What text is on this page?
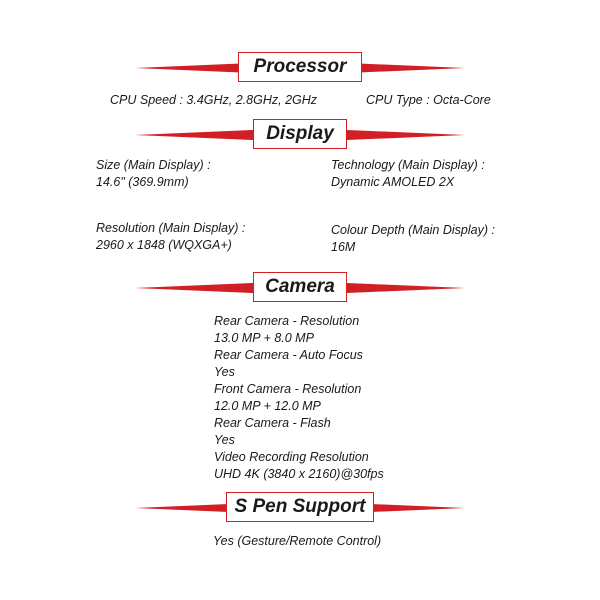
Processor
CPU Speed : 3.4GHz, 2.8GHz, 2GHz	CPU Type : Octa-Core
Display
Size (Main Display) :
14.6" (369.9mm)
Technology (Main Display) :
Dynamic AMOLED 2X
Resolution (Main Display) :
2960 x 1848 (WQXGA+)
Colour Depth (Main Display) :
16M
Camera
Rear Camera - Resolution
13.0 MP + 8.0 MP
Rear Camera - Auto Focus
Yes
Front Camera - Resolution
12.0 MP + 12.0 MP
Rear Camera - Flash
Yes
Video Recording Resolution
UHD 4K (3840 x 2160)@30fps
S Pen Support
Yes (Gesture/Remote Control)
